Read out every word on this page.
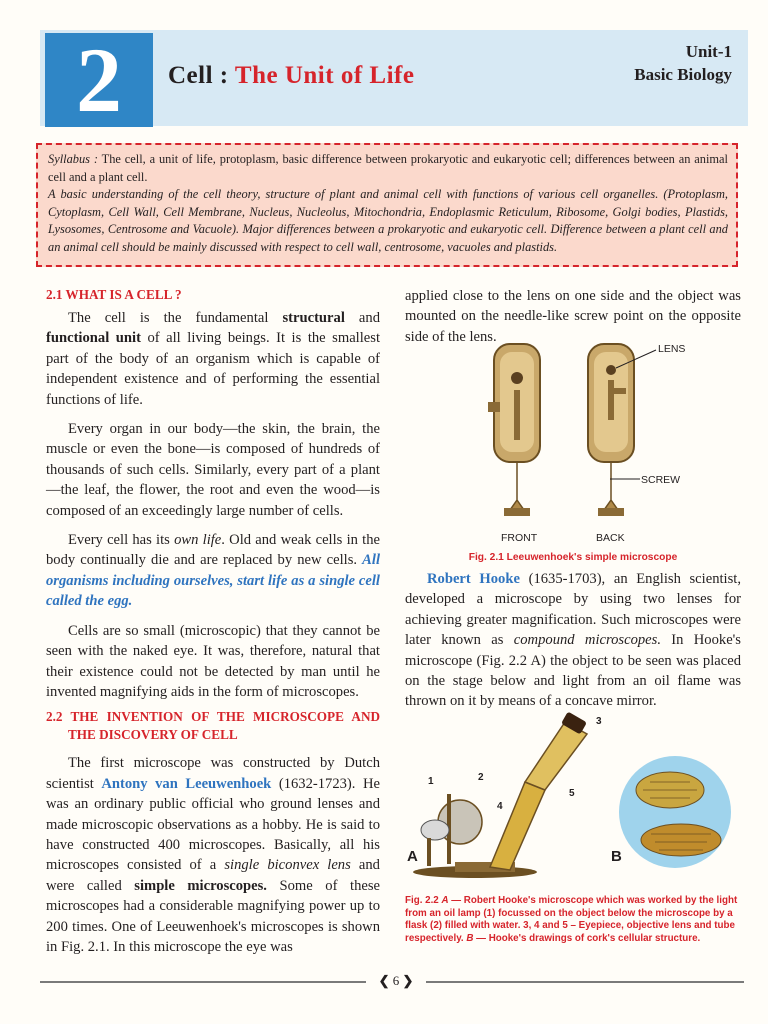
2	Cell : The Unit of Life
Unit-1
Basic Biology

Syllabus : The cell, a unit of life, protoplasm, basic difference between prokaryotic and eukaryotic cell; differences between an animal cell and a plant cell.

A basic understanding of the cell theory, structure of plant and animal cell with functions of various cell organelles. (Protoplasm, Cytoplasm, Cell Wall, Cell Membrane, Nucleus, Nucleolus, Mitochondria, Endoplasmic Reticulum, Ribosome, Golgi bodies, Plastids, Lysosomes, Centrosome and Vacuole). Major differences between a prokaryotic and eukaryotic cell. Difference between a plant cell and an animal cell should be mainly discussed with respect to cell wall, centrosome, vacuoles and plastids.

2.1 WHAT IS A CELL ?

The cell is the fundamental structural and functional unit of all living beings. It is the smallest part of the body of an organism which is capable of independent existence and of performing the essential functions of life.

Every organ in our body—the skin, the brain, the muscle or even the bone—is composed of hundreds of thousands of such cells. Similarly, every part of a plant—the leaf, the flower, the root and even the wood—is composed of an exceedingly large number of cells.

Every cell has its own life. Old and weak cells in the body continually die and are replaced by new cells. All organisms including ourselves, start life as a single cell called the egg.

Cells are so small (microscopic) that they cannot be seen with the naked eye. It was, therefore, natural that their existence could not be detected by man until he invented magnifying aids in the form of microscopes.

2.2 THE INVENTION OF THE MICROSCOPE AND THE DISCOVERY OF CELL

The first microscope was constructed by Dutch scientist Antony van Leeuwenhoek (1632-1723). He was an ordinary public official who ground lenses and made microscopic observations as a hobby. He is said to have constructed 400 microscopes. Basically, all his microscopes consisted of a single biconvex lens and were called simple microscopes. Some of these microscopes had a considerable magnifying power up to 200 times. One of Leeuwenhoek's microscopes is shown in Fig. 2.1. In this microscope the eye was

applied close to the lens on one side and the object was mounted on the needle-like screw point on the opposite side of the lens.

LENS
SCREW
FRONT	BACK
Fig. 2.1 Leeuwenhoek's simple microscope

Robert Hooke (1635-1703), an English scientist, developed a microscope by using two lenses for achieving greater magnification. Such microscopes were later known as compound microscopes. In Hooke's microscope (Fig. 2.2 A) the object to be seen was placed on the stage below and light from an oil flame was thrown on it by means of a concave mirror.

1	2
3
4
5
A	B
Fig. 2.2 A — Robert Hooke's microscope which was worked by the light from an oil lamp (1) focussed on the object below the microscope by a flask (2) filled with water. 3, 4 and 5 – Eyepiece, objective lens and tube respectively. B — Hooke's drawings of cork's cellular structure.
❮ 6 ❯
